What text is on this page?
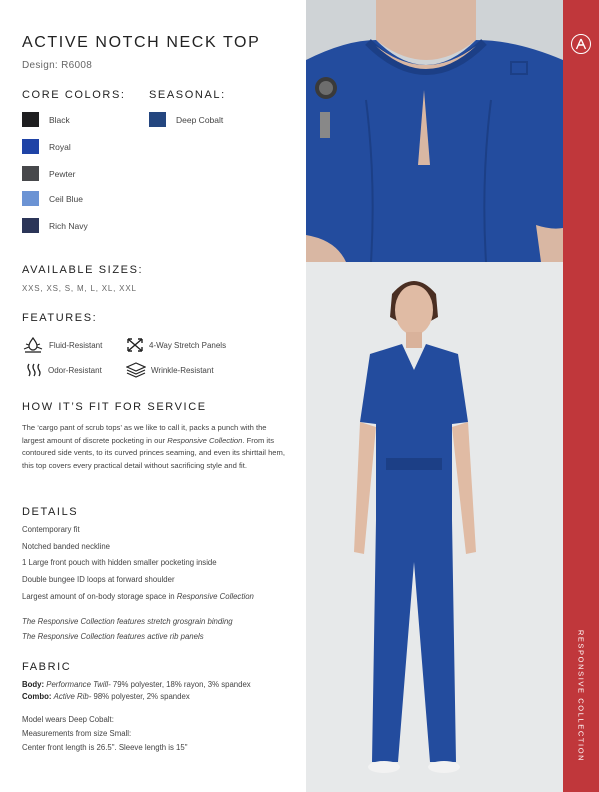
ACTIVE NOTCH NECK TOP
Design: R6008
CORE COLORS: SEASONAL:
Black
Royal
Pewter
Ceil Blue
Rich Navy
Deep Cobalt
AVAILABLE SIZES:
XXS, XS, S, M, L, XL, XXL
FEATURES:
Fluid-Resistant	4-Way Stretch Panels
Odor-Resistant	Wrinkle-Resistant
HOW IT’S FIT FOR SERVICE

The ‘cargo pant of scrub tops’ as we like to call it, packs a punch with the largest amount of discrete pocketing in our Responsive Collection. From its contoured side vents, to its curved princes seaming, and even its shirttail hem, this top covers every practical detail without sacrificing style and fit.

DETAILS
Contemporary fit
Notched banded neckline
1 Large front pouch with hidden smaller pocketing inside
Double bungee ID loops at forward shoulder
Largest amount of on-body storage space in Responsive Collection
The Responsive Collection features stretch grosgrain binding
The Responsive Collection features active rib panels
FABRIC
Body: Performance Twill- 79% polyester, 18% rayon, 3% spandex
Combo: Active Rib- 98% polyester, 2% spandex
Model wears Deep Cobalt:
Measurements from size Small:
Center front length is 26.5". Sleeve length is 15"	RESPONSIVE COLLECTION
